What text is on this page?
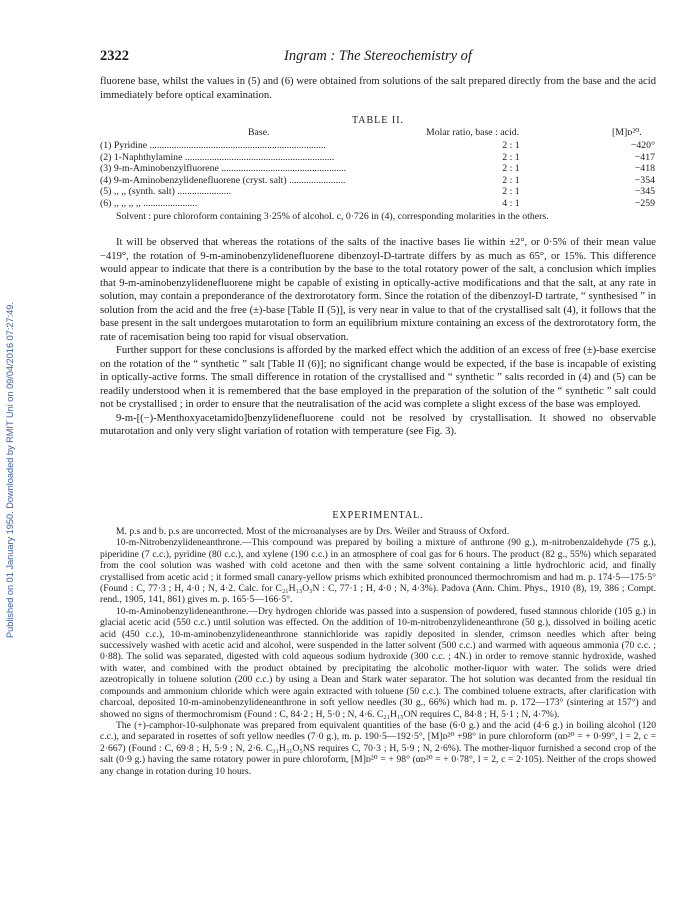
Published on 01 January 1950. Downloaded by RMIT Uni on 09/04/2016 07:27:49.
2322	Ingram : The Stereochemistry of

fluorene base, whilst the values in (5) and (6) were obtained from solutions of the salt prepared directly from the base and the acid immediately before optical examination.

TABLE II.
Base.	Molar ratio, base : acid.	[M]ᴅ²⁰.
(1) Pyridine ........................................................................	2 : 1	−420°
(2) 1-Naphthylamine .............................................................	2 : 1	−417
(3) 9-m-Aminobenzylfluorene ...................................................	2 : 1	−418
(4) 9-m-Aminobenzylidenefluorene (cryst. salt) .......................	2 : 1	−354
(5) ,, ,, (synth. salt) ......................	2 : 1	−345
(6) ,, ,, ,, ,, ......................	4 : 1	−259

Solvent : pure chloroform containing 3·25% of alcohol. c, 0·726 in (4), corresponding molarities in the others.

It will be observed that whereas the rotations of the salts of the inactive bases lie within ±2°, or 0·5% of their mean value −419°, the rotation of 9-m-aminobenzylidenefluorene dibenzoyl-D-tartrate differs by as much as 65°, or 15%. This difference would appear to indicate that there is a contribution by the base to the total rotatory power of the salt, a conclusion which implies that 9-m-aminobenzylidenefluorene might be capable of existing in optically-active modifications and that the salt, at any rate in solution, may contain a preponderance of the dextrorotatory form. Since the rotation of the dibenzoyl-D tartrate, “ synthesised ” in solution from the acid and the free (±)-base [Table II (5)], is very near in value to that of the crystallised salt (4), it follows that the base present in the salt undergoes mutarotation to form an equilibrium mixture containing an excess of the dextrorotatory form, the rate of racemisation being too rapid for visual observation.

Further support for these conclusions is afforded by the marked effect which the addition of an excess of free (±)-base exercise on the rotation of the “ synthetic ” salt [Table II (6)]; no significant change would be expected, if the base is incapable of existing in optically-active forms. The small difference in rotation of the crystallised and “ synthetic ” salts recorded in (4) and (5) can be readily understood when it is remembered that the base employed in the preparation of the solution of the “ synthetic ” salt could not be crystallised ; in order to ensure that the neutralisation of the acid was complete a slight excess of the base was employed.

9-m-[(−)-Menthoxyacetamido]benzylidenefluorene could not be resolved by crystallisation. It showed no observable mutarotation and only very slight variation of rotation with temperature (see Fig. 3).

EXPERIMENTAL.

M. p.s and b. p.s are uncorrected. Most of the microanalyses are by Drs. Weiler and Strauss of Oxford.

10-m-Nitrobenzylideneanthrone.—This compound was prepared by boiling a mixture of anthrone (90 g.), m-nitrobenzaldehyde (75 g.), piperidine (7 c.c.), pyridine (80 c.c.), and xylene (190 c.c.) in an atmosphere of coal gas for 6 hours. The product (82 g., 55%) which separated from the cool solution was washed with cold acetone and then with the same solvent containing a little hydrochloric acid, and finally crystallised from acetic acid ; it formed small canary-yellow prisms which exhibited pronounced thermochromism and had m. p. 174·5—175·5° (Found : C, 77·3 ; H, 4·0 ; N, 4·2. Calc. for C₂₁H₁₃O₃N : C, 77·1 ; H, 4·0 ; N, 4·3%). Padova (Ann. Chim. Phys., 1910 (8), 19, 386 ; Compt. rend., 1905, 141, 861) gives m. p. 165·5—166·5°.

10-m-Aminobenzylideneanthrone.—Dry hydrogen chloride was passed into a suspension of powdered, fused stannous chloride (105 g.) in glacial acetic acid (550 c.c.) until solution was effected. On the addition of 10-m-nitrobenzylideneanthrone (50 g.), dissolved in boiling acetic acid (450 c.c.), 10-m-aminobenzylideneanthrone stannichloride was rapidly deposited in slender, crimson needles which after being successively washed with acetic acid and alcohol, were suspended in the latter solvent (500 c.c.) and warmed with aqueous ammonia (70 c.c. ; 0·88). The solid was separated, digested with cold aqueous sodium hydroxide (300 c.c. ; 4N.) in order to remove stannic hydroxide, washed with water, and combined with the product obtained by precipitating the alcoholic mother-liquor with water. The solids were dried azeotropically in toluene solution (200 c.c.) by using a Dean and Stark water separator. The hot solution was decanted from the residual tin compounds and ammonium chloride which were again extracted with toluene (50 c.c.). The combined toluene extracts, after clarification with charcoal, deposited 10-m-aminobenzylideneanthrone in soft yellow needles (30 g., 66%) which had m. p. 172—173° (sintering at 157°) and showed no signs of thermochromism (Found : C, 84·2 ; H, 5·0 ; N, 4·6. C₂₁H₁₅ON requires C, 84·8 ; H, 5·1 ; N, 4·7%).

The (+)-camphor-10-sulphonate was prepared from equivalent quantities of the base (6·0 g.) and the acid (4·6 g.) in boiling alcohol (120 c.c.), and separated in rosettes of soft yellow needles (7·0 g.), m. p. 190·5—192·5°, [M]ᴅ²⁰ +98° in pure chloroform (αᴅ²⁰ = + 0·99°, l = 2, c = 2·667) (Found : C, 69·8 ; H, 5·9 ; N, 2·6. C₃₁H₃₁O₅NS requires C, 70·3 ; H, 5·9 ; N, 2·6%). The mother-liquor furnished a second crop of the salt (0·9 g.) having the same rotatory power in pure chloroform, [M]ᴅ²⁰ = + 98° (αᴅ²⁰ = + 0·78°, l = 2, c = 2·105). Neither of the crops showed any change in rotation during 10 hours.
